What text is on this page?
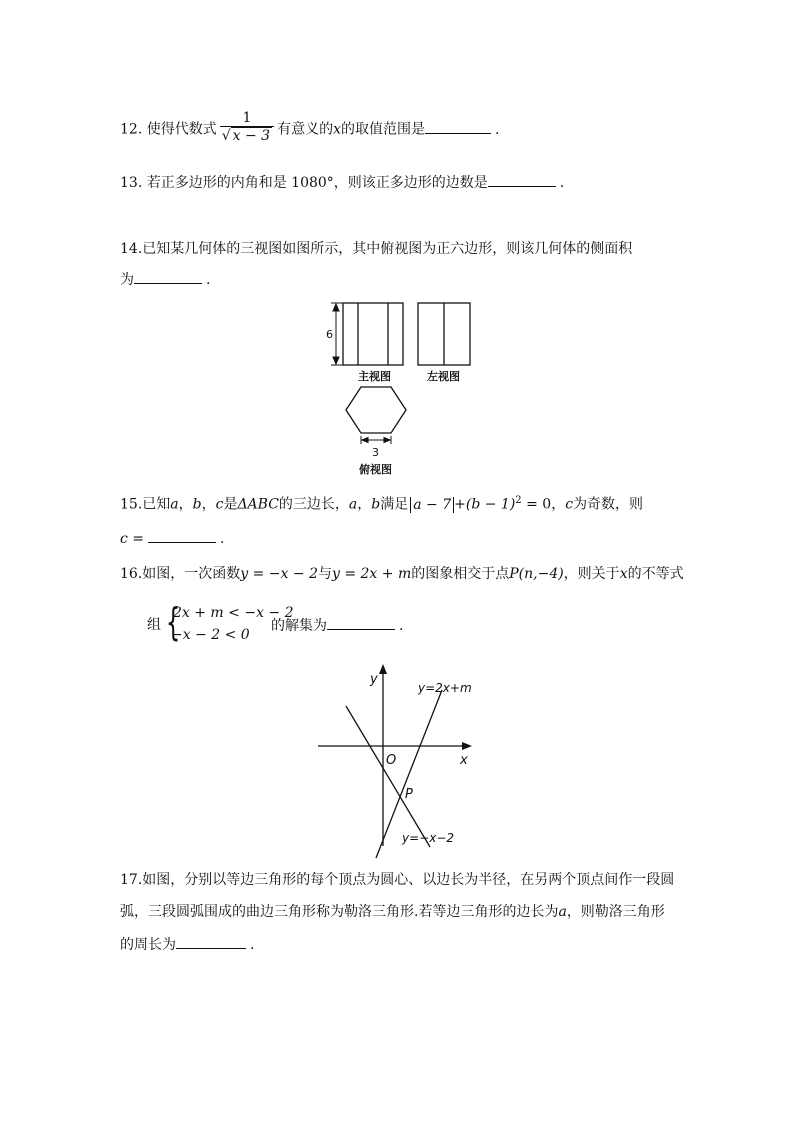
12. 使得代数式 $\frac{1}{√ x - 3}$ 有意义的x的取值范围是	.
13. 若正多边形的内角和是 1080°，则该正多边形的边数是	.
14.已知某几何体的三视图如图所示，其中俯视图为正六边形，则该几何体的侧面积
为	.
6
主视图	左视图
3
俯视图
15.已知a，b，c是ΔABC的三边长，a，b满足 $a - 7 +(b - 1)^2 = 0$，c为奇数，则
c =	.
16.如图，一次函数y = −x − 2与y = 2x + m的图象相交于点P(n,−4)，则关于x的不等式
组 {
2x + m < −x − 2
−x − 2 < 0
的解集为	.
y
x
O
P
y=2x+m
y=−x−2
17.如图，分别以等边三角形的每个顶点为圆心、以边长为半径，在另两个顶点间作一段圆
弧，三段圆弧围成的曲边三角形称为勒洛三角形.若等边三角形的边长为a，则勒洛三角形
的周长为	.
